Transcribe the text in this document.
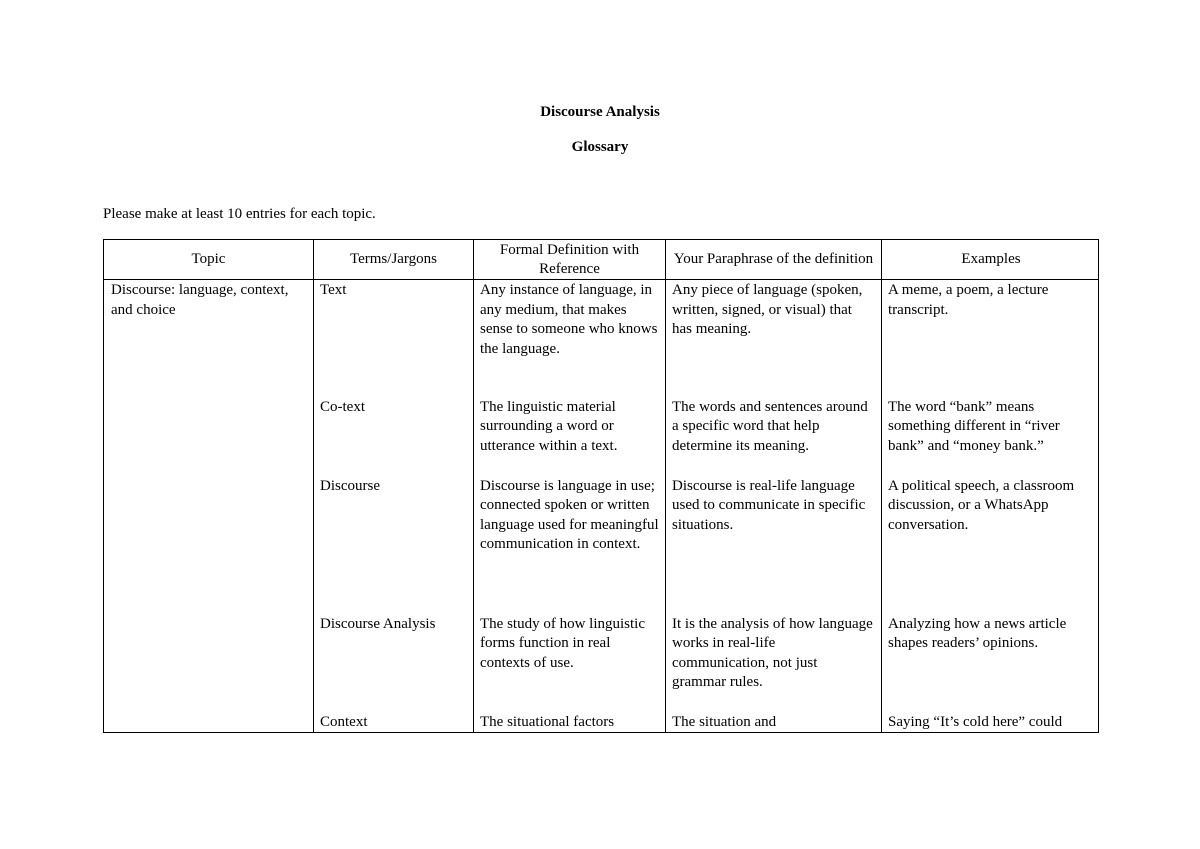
Discourse Analysis
Glossary
Please make at least 10 entries for each topic.
Topic	Terms/Jargons	Formal Definition with Reference	Your Paraphrase of the definition	Examples
Discourse: language, context, and choice	Text	Any instance of language, in any medium, that makes sense to someone who knows the language.	Any piece of language (spoken, written, signed, or visual) that has meaning.	A meme, a poem, a lecture transcript.
	Co-text	The linguistic material surrounding a word or utterance within a text.	The words and sentences around a specific word that help determine its meaning.	The word “bank” means something different in “river bank” and “money bank.”
	Discourse	Discourse is language in use; connected spoken or written language used for meaningful communication in context.	Discourse is real-life language used to communicate in specific situations.	A political speech, a classroom discussion, or a WhatsApp conversation.
	Discourse Analysis	The study of how linguistic forms function in real contexts of use.	It is the analysis of how language works in real-life communication, not just grammar rules.	Analyzing how a news article shapes readers’ opinions.
	Context	The situational factors	The situation and	Saying “It’s cold here” could
